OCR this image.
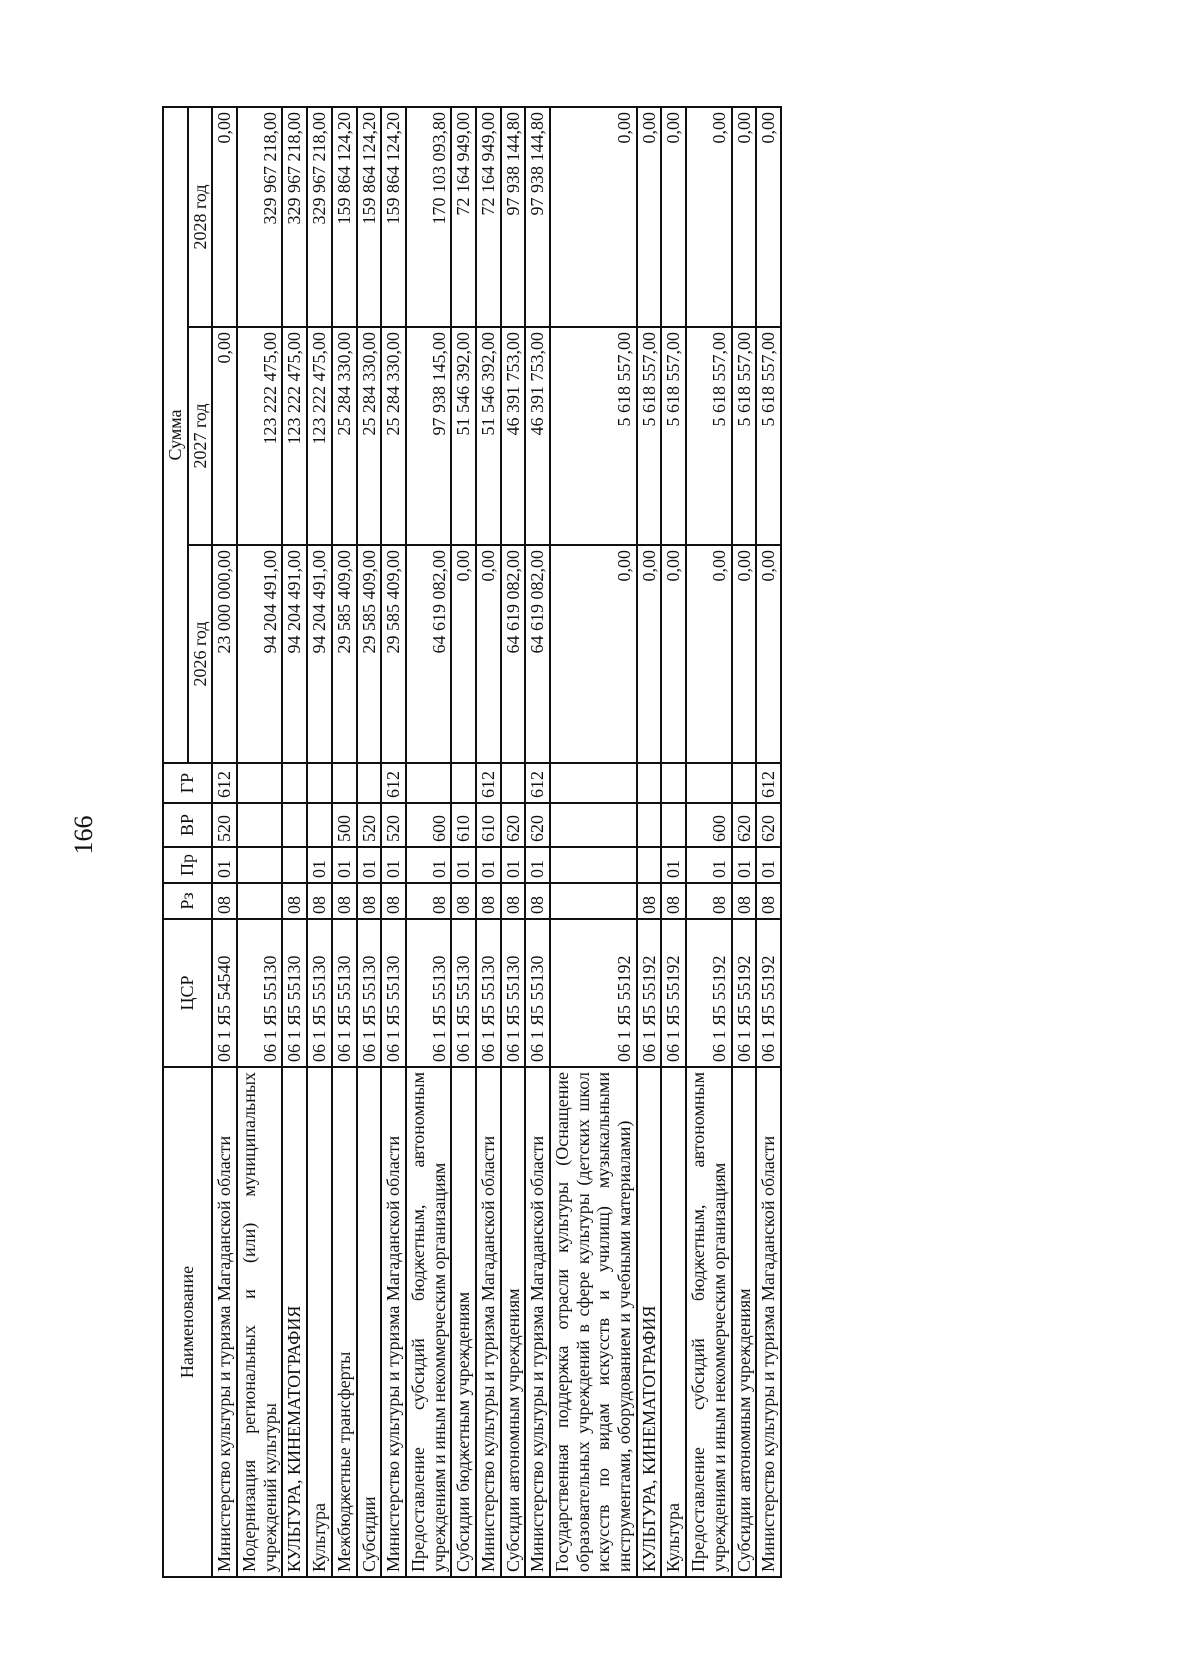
166
Наименование	ЦСР	Рз	Пр	ВР	ГР	Сумма		
						2026 год	2027 год	2028 год
Министерство культуры и туризма Магаданской области	06 1 Я5 54540	08	01	520	612	23 000 000,00	0,00	0,00
Модернизация региональных и (или) муниципальных учреждений культуры	06 1 Я5 55130					94 204 491,00	123 222 475,00	329 967 218,00
КУЛЬТУРА, КИНЕМАТОГРАФИЯ	06 1 Я5 55130	08				94 204 491,00	123 222 475,00	329 967 218,00
Культура	06 1 Я5 55130	08	01			94 204 491,00	123 222 475,00	329 967 218,00
Межбюджетные трансферты	06 1 Я5 55130	08	01	500		29 585 409,00	25 284 330,00	159 864 124,20
Субсидии	06 1 Я5 55130	08	01	520		29 585 409,00	25 284 330,00	159 864 124,20
Министерство культуры и туризма Магаданской области	06 1 Я5 55130	08	01	520	612	29 585 409,00	25 284 330,00	159 864 124,20
Предоставление субсидий бюджетным, автономным учреждениям и иным некоммерческим организациям	06 1 Я5 55130	08	01	600		64 619 082,00	97 938 145,00	170 103 093,80
Субсидии бюджетным учреждениям	06 1 Я5 55130	08	01	610		0,00	51 546 392,00	72 164 949,00
Министерство культуры и туризма Магаданской области	06 1 Я5 55130	08	01	610	612	0,00	51 546 392,00	72 164 949,00
Субсидии автономным учреждениям	06 1 Я5 55130	08	01	620		64 619 082,00	46 391 753,00	97 938 144,80
Министерство культуры и туризма Магаданской области	06 1 Я5 55130	08	01	620	612	64 619 082,00	46 391 753,00	97 938 144,80
Государственная поддержка отрасли культуры (Оснащение образовательных учреждений в сфере культуры (детских школ искусств по видам искусств и училищ) музыкальными инструментами, оборудованием и учебными материалами)	06 1 Я5 55192					0,00	5 618 557,00	0,00
КУЛЬТУРА, КИНЕМАТОГРАФИЯ	06 1 Я5 55192	08				0,00	5 618 557,00	0,00
Культура	06 1 Я5 55192	08	01			0,00	5 618 557,00	0,00
Предоставление субсидий бюджетным, автономным учреждениям и иным некоммерческим организациям	06 1 Я5 55192	08	01	600		0,00	5 618 557,00	0,00
Субсидии автономным учреждениям	06 1 Я5 55192	08	01	620		0,00	5 618 557,00	0,00
Министерство культуры и туризма Магаданской области	06 1 Я5 55192	08	01	620	612	0,00	5 618 557,00	0,00
